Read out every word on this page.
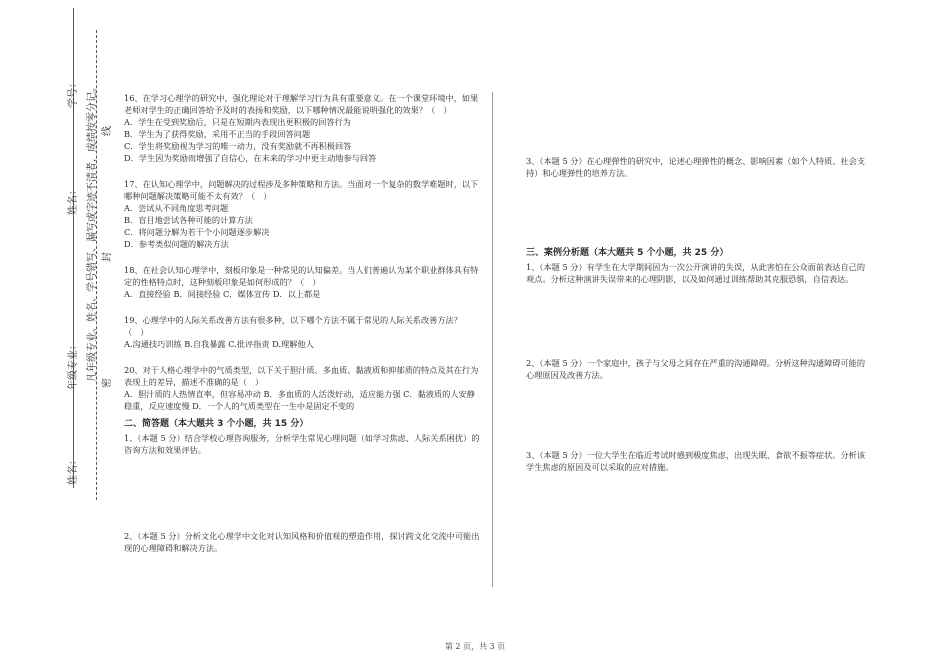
学号：
姓名：
年级专业：
姓名：
凡年级专业、姓名、学号错写、漏写或字迹不清者，成绩按零分记。
密
封
线

16、在学习心理学的研究中，强化理论对于理解学习行为具有重要意义。在一个课堂环境中，如果老师对学生的正确回答给予及时的表扬和奖励，以下哪种情况最能说明强化的效果？（　）

A．学生在受到奖励后，只是在短期内表现出更积极的回答行为

B．学生为了获得奖励，采用不正当的手段回答问题

C．学生将奖励视为学习的唯一动力，没有奖励就不再积极回答

D．学生因为奖励而增强了自信心，在未来的学习中更主动地参与回答

17、在认知心理学中，问题解决的过程涉及多种策略和方法。当面对一个复杂的数学难题时，以下哪种问题解决策略可能不太有效？（　）

A．尝试从不同角度思考问题

B．盲目地尝试各种可能的计算方法

C．将问题分解为若干个小问题逐步解决

D．参考类似问题的解决方法

18、在社会认知心理学中，刻板印象是一种常见的认知偏差。当人们普遍认为某个职业群体具有特定的性格特点时，这种刻板印象是如何形成的？（　）

A．直接经验 B．间接经验 C．媒体宣传 D．以上都是

19、心理学中的人际关系改善方法有很多种，以下哪个方法不属于常见的人际关系改善方法？（　）

A.沟通技巧训练 B.自我暴露 C.批评指责 D.理解他人

20、对于人格心理学中的气质类型，以下关于胆汁质、多血质、黏液质和抑郁质的特点及其在行为表现上的差异，描述不准确的是（　）

A．胆汁质的人热情直率，但容易冲动 B．多血质的人活泼好动，适应能力强 C．黏液质的人安静稳重，反应速度慢 D．一个人的气质类型在一生中是固定不变的

二、简答题（本大题共 3 个小题，共 15 分）

1、（本题 5 分）结合学校心理咨询服务，分析学生常见心理问题（如学习焦虑、人际关系困扰）的咨询方法和效果评估。

2、（本题 5 分）分析文化心理学中文化对认知风格和价值观的塑造作用，探讨跨文化交流中可能出现的心理障碍和解决方法。

3、（本题 5 分）在心理弹性的研究中，论述心理弹性的概念、影响因素（如个人特质、社会支持）和心理弹性的培养方法。

三、案例分析题（本大题共 5 个小题，共 25 分）

1、（本题 5 分）有学生在大学期间因为一次公开演讲的失误，从此害怕在公众面前表达自己的观点。分析这种演讲失误带来的心理阴影，以及如何通过训练帮助其克服恐惧，自信表达。

2、（本题 5 分）一个家庭中，孩子与父母之间存在严重的沟通障碍。分析这种沟通障碍可能的心理原因及改善方法。

3、（本题 5 分）一位大学生在临近考试时感到极度焦虑，出现失眠、食欲不振等症状。分析该学生焦虑的原因及可以采取的应对措施。

第 2 页，共 3 页
